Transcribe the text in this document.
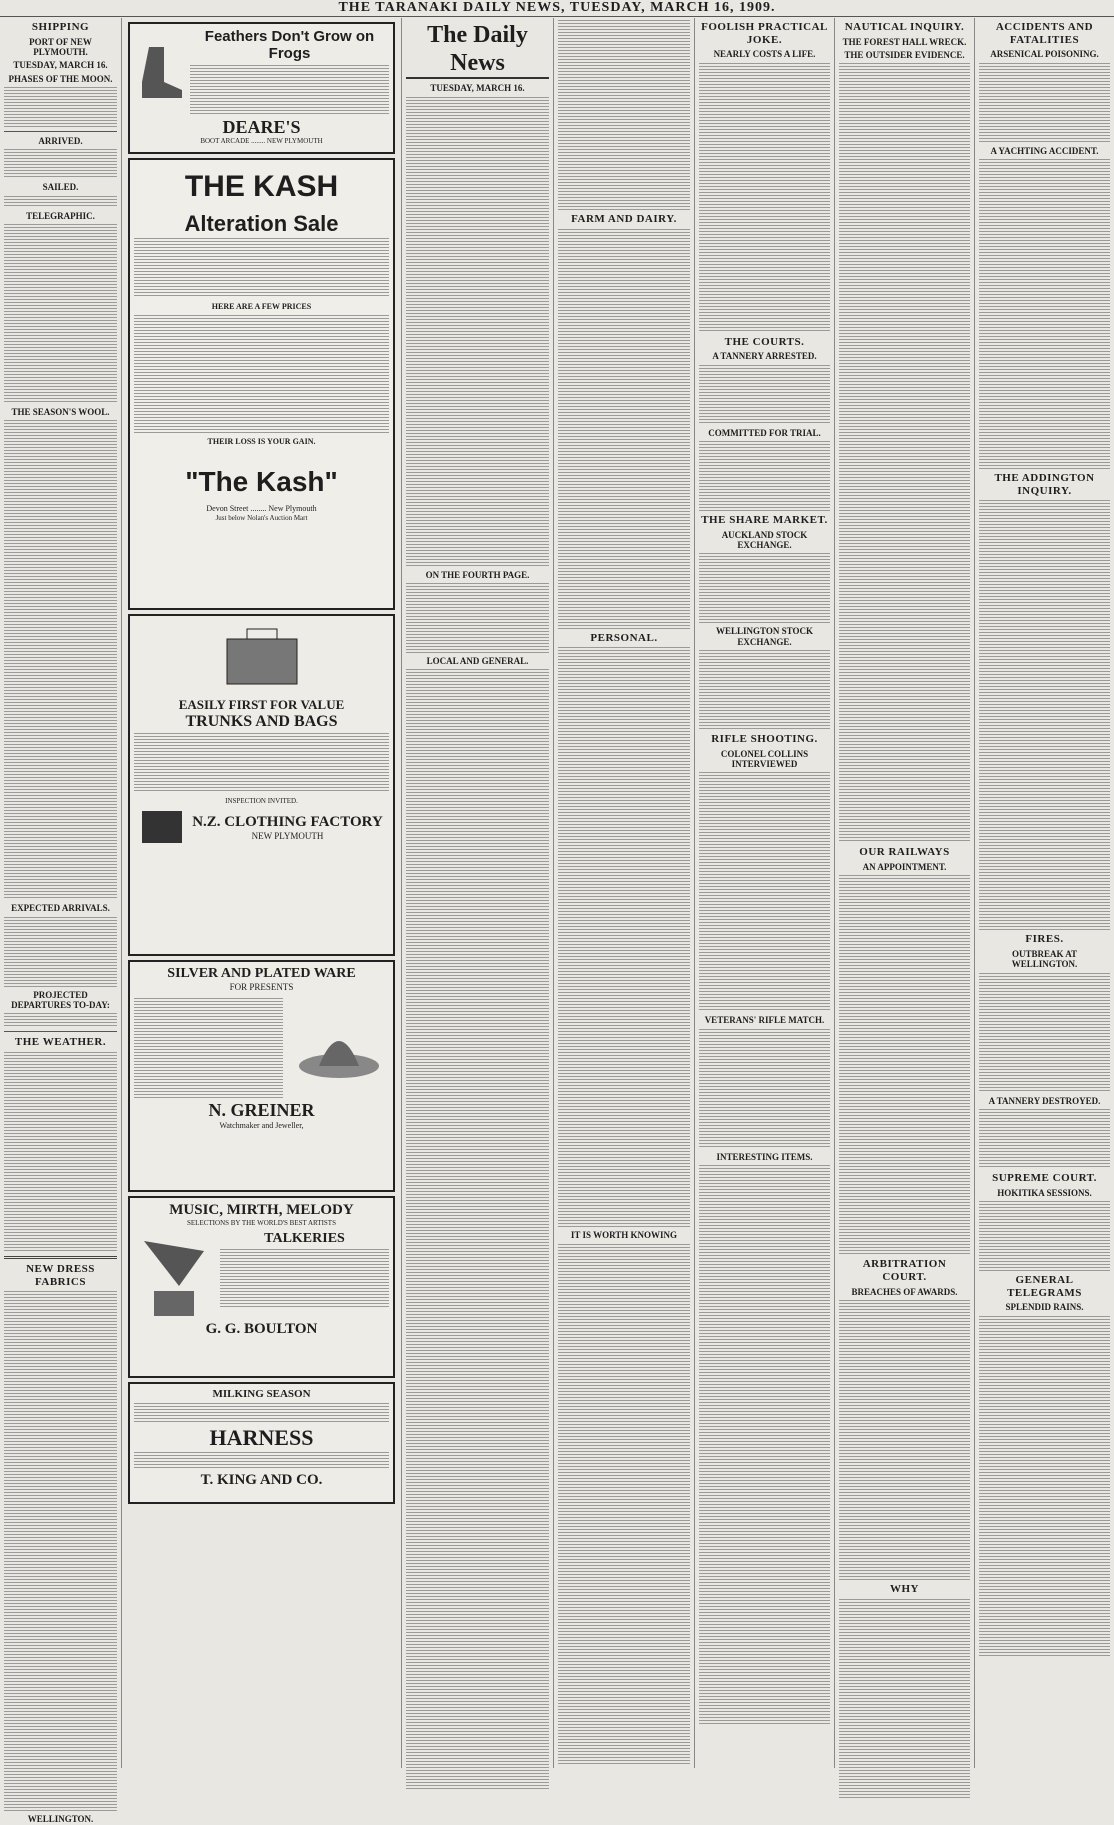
THE TARANAKI DAILY NEWS, TUESDAY, MARCH 16, 1909.
SHIPPING
PORT OF NEW PLYMOUTH.
TUESDAY, MARCH 16.
PHASES OF THE MOON.
ARRIVED.
SAILED.
TELEGRAPHIC.
THE SEASON'S WOOL.
EXPECTED ARRIVALS.
PROJECTED DEPARTURES TO-DAY:
THE WEATHER.
NEW DRESS FABRICS
WELLINGTON.
Feathers Don't Grow on Frogs
DEARE'S
BOOT ARCADE ........ NEW PLYMOUTH
THE KASH
Alteration Sale
HERE ARE A FEW PRICES
THEIR LOSS IS YOUR GAIN.
"The Kash"
Devon Street ........ New Plymouth
Just below Nolan's Auction Mart
EASILY FIRST FOR VALUE
TRUNKS AND BAGS
INSPECTION INVITED.
N.Z. CLOTHING FACTORY
NEW PLYMOUTH
SILVER AND PLATED WARE
FOR PRESENTS
N. GREINER
Watchmaker and Jeweller,
MUSIC, MIRTH, MELODY
SELECTIONS BY THE WORLD'S BEST ARTISTS
TALKERIES
G. G. BOULTON
MILKING SEASON
HARNESS
T. KING AND CO.
The Daily News
TUESDAY, MARCH 16.
ON THE FOURTH PAGE.
LOCAL AND GENERAL.
FARM AND DAIRY.
PERSONAL.
IT IS WORTH KNOWING
FOOLISH PRACTICAL JOKE.
NEARLY COSTS A LIFE.
THE COURTS.
A TANNERY ARRESTED.
COMMITTED FOR TRIAL.
THE SHARE MARKET.
AUCKLAND STOCK EXCHANGE.
WELLINGTON STOCK EXCHANGE.
RIFLE SHOOTING.
COLONEL COLLINS INTERVIEWED
VETERANS' RIFLE MATCH.
INTERESTING ITEMS.
NAUTICAL INQUIRY.
THE FOREST HALL WRECK.
THE OUTSIDER EVIDENCE.
OUR RAILWAYS
AN APPOINTMENT.
ARBITRATION COURT.
BREACHES OF AWARDS.
WHY
ACCIDENTS AND FATALITIES
ARSENICAL POISONING.
A YACHTING ACCIDENT.
THE ADDINGTON INQUIRY.
FIRES.
OUTBREAK AT WELLINGTON.
A TANNERY DESTROYED.
SUPREME COURT.
HOKITIKA SESSIONS.
GENERAL TELEGRAMS
SPLENDID RAINS.
